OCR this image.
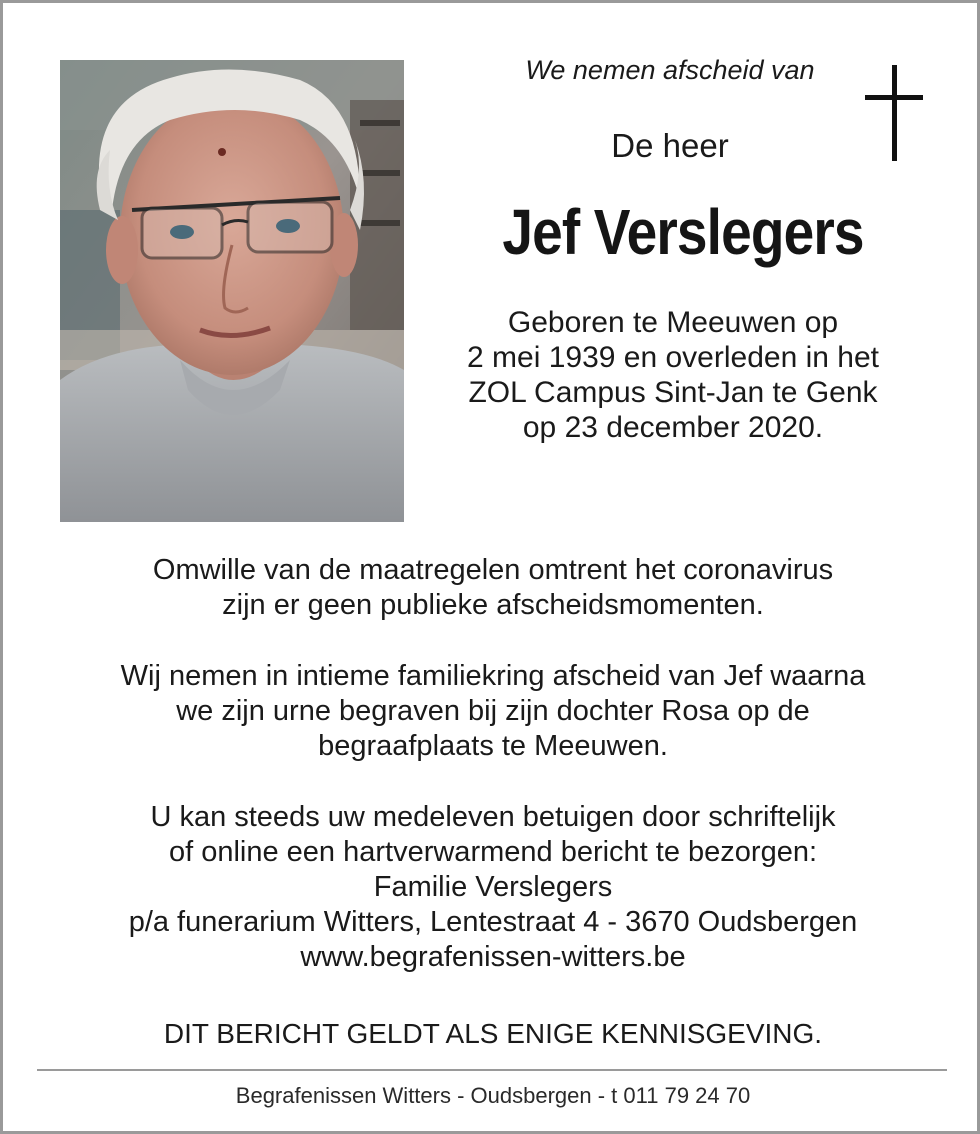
We nemen afscheid van
De heer
Jef Verslegers
Geboren te Meeuwen op
2 mei 1939 en overleden in het
ZOL Campus Sint-Jan te Genk
op 23 december 2020.
Omwille van de maatregelen omtrent het coronavirus
zijn er geen publieke afscheidsmomenten.
Wij nemen in intieme familiekring afscheid van Jef waarna
we zijn urne begraven bij zijn dochter Rosa op de
begraafplaats te Meeuwen.
U kan steeds uw medeleven betuigen door schriftelijk
of online een hartverwarmend bericht te bezorgen:
Familie Verslegers
p/a funerarium Witters, Lentestraat 4 - 3670 Oudsbergen
www.begrafenissen-witters.be
DIT BERICHT GELDT ALS ENIGE KENNISGEVING.
Begrafenissen Witters - Oudsbergen - t 011 79 24 70
